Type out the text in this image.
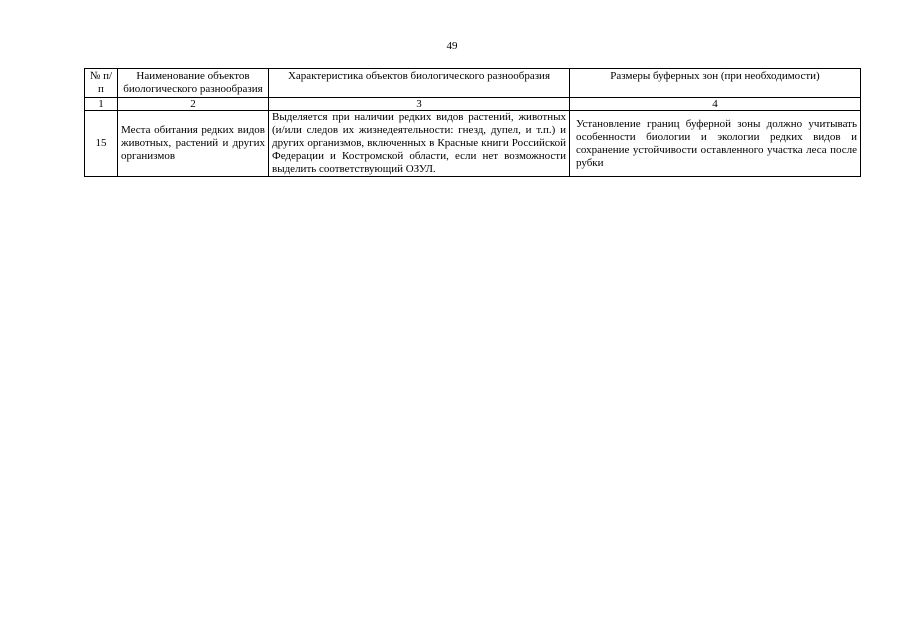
49
№ п/п	Наименование объектов биологического разнообразия	Характеристика объектов биологического разнообразия	Размеры буферных зон (при необходимости)
1	2	3	4
15	Места обитания редких видов животных, растений и других организмов	Выделяется при наличии редких видов растений, животных (и/или следов их жизнедеятельности: гнезд, дупел, и т.п.) и других организмов, включенных в Красные книги Российской Федерации и Костромской области, если нет возможности выделить соответствующий ОЗУЛ.	Установление границ буферной зоны должно учитывать особенности биологии и экологии редких видов и сохранение устойчивости оставленного участка леса после рубки
